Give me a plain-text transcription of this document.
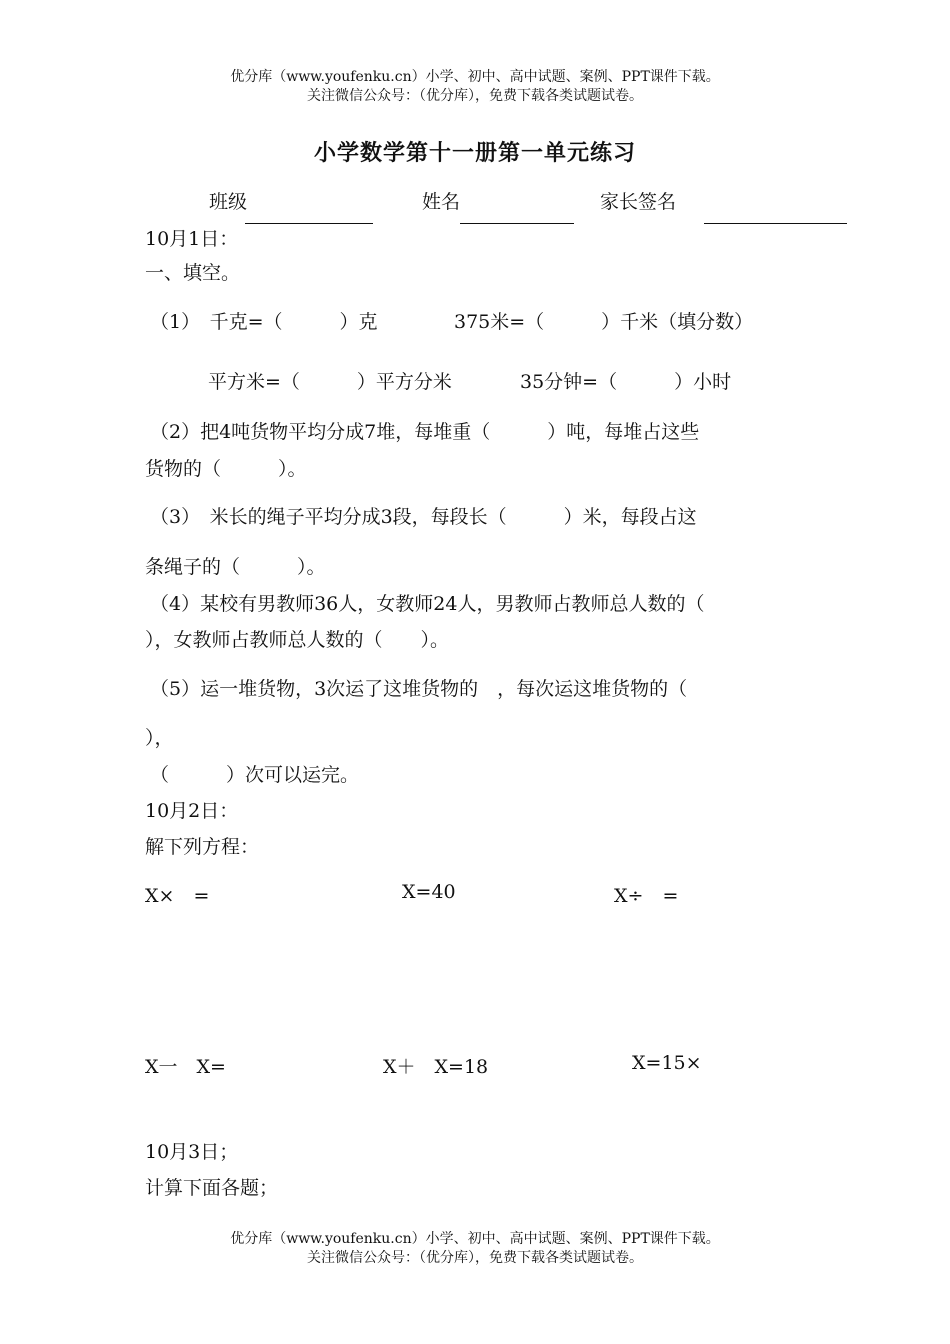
优分库（www.youfenku.cn）小学、初中、高中试题、案例、PPT课件下载。
关注微信公众号：（优分库），免费下载各类试题试卷。
小学数学第十一册第一单元练习
班级	姓名	家长签名
10月1日：
一、填空。
（1）　千克=（　　　）克	375米=（　　　）千米（填分数）
平方米=（　　　）平方分米	35分钟=（　　　）小时
（2）把4吨货物平均分成7堆，每堆重（　　　）吨，每堆占这些
货物的（　　　）。
（3）　米长的绳子平均分成3段，每段长（　　　）米，每段占这
条绳子的（　　　）。
（4）某校有男教师36人，女教师24人，男教师占教师总人数的（
），女教师占教师总人数的（　　）。
（5）运一堆货物，3次运了这堆货物的　，每次运这堆货物的（
），
（　　　）次可以运完。
10月2日：
解下列方程：
X×　=	X=40	X÷　=
X一　X=	X＋　X=18	X=15×
10月3日；
计算下面各题；
优分库（www.youfenku.cn）小学、初中、高中试题、案例、PPT课件下载。
关注微信公众号：（优分库），免费下载各类试题试卷。
